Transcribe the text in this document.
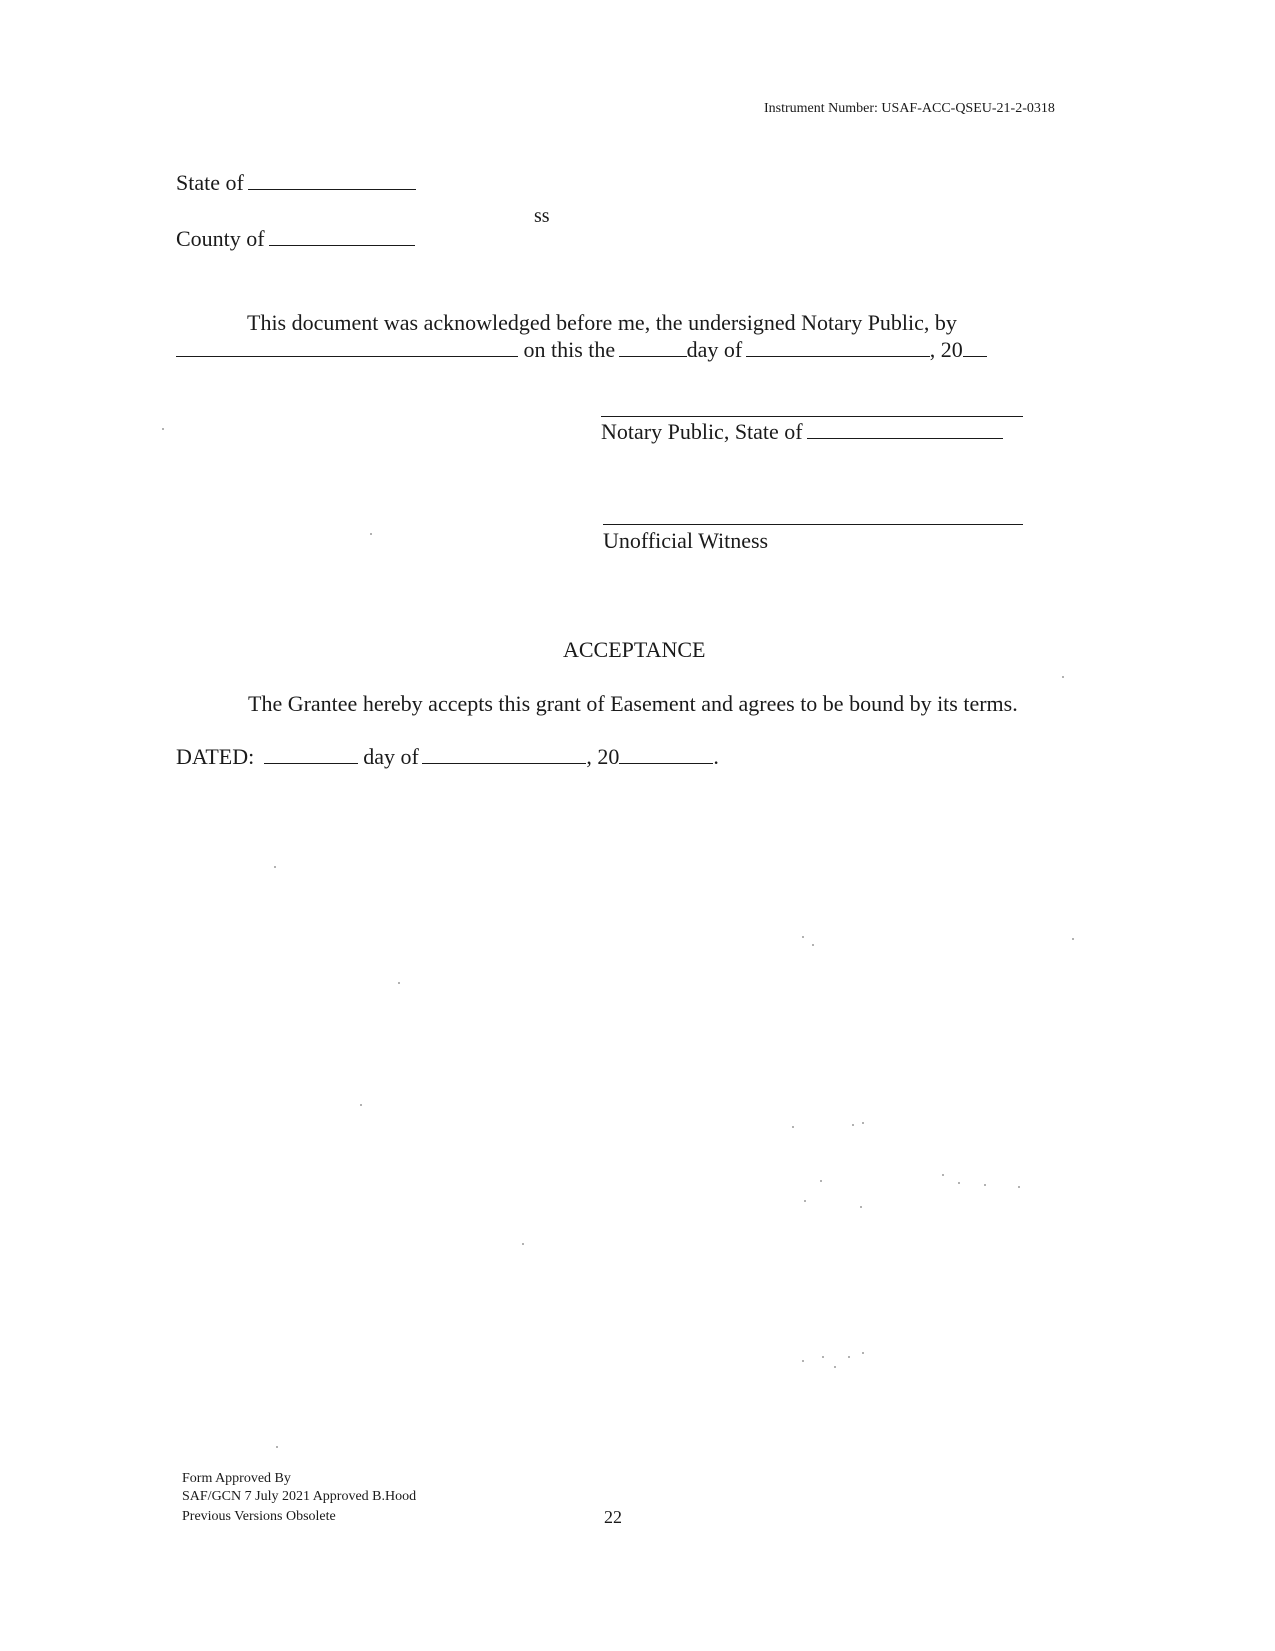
Instrument Number: USAF-ACC-QSEU-21-2-0318
State of
ss
County of
This document was acknowledged before me, the undersigned Notary Public, by
on this the	day of	, 20
Notary Public, State of
Unofficial Witness
ACCEPTANCE
The Grantee hereby accepts this grant of Easement and agrees to be bound by its terms.
DATED:	day of	, 20	.
Form Approved By
SAF/GCN 7 July 2021 Approved B.Hood
Previous Versions Obsolete	22
